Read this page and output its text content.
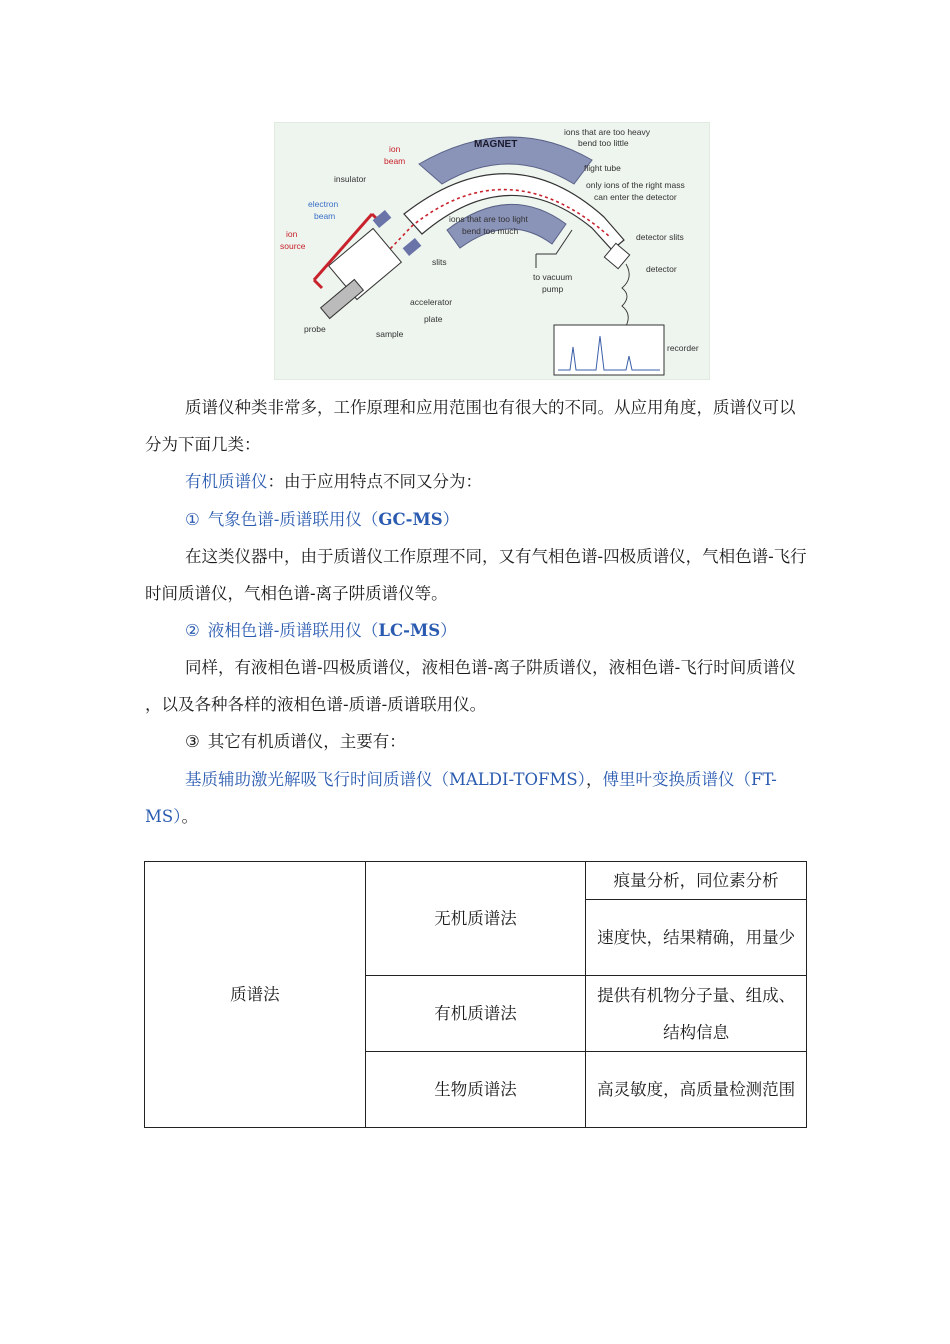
MAGNET
ions that are too heavy
bend too little
flight tube
only ions of the right mass
can enter the detector
detector slits
detector
ions that are too light
bend too much
to vacuum
pump
recorder
ion
beam
insulator
electron
beam
ion
source
slits
accelerator
plate
probe	sample

质谱仪种类非常多，工作原理和应用范围也有很大的不同。从应用角度，质谱仪可以分为下面几类：

有机质谱仪：由于应用特点不同又分为：

① 气象色谱-质谱联用仪（GC-MS）

在这类仪器中，由于质谱仪工作原理不同，又有气相色谱-四极质谱仪，气相色谱-飞行时间质谱仪，气相色谱-离子阱质谱仪等。

② 液相色谱-质谱联用仪（LC-MS）

同样，有液相色谱-四极质谱仪，液相色谱-离子阱质谱仪，液相色谱-飞行时间质谱仪 ，以及各种各样的液相色谱-质谱-质谱联用仪。

③ 其它有机质谱仪，主要有：

基质辅助激光解吸飞行时间质谱仪（MALDI-TOFMS），傅里叶变换质谱仪（FT-MS）。

质谱法	无机质谱法	痕量分析，同位素分析
		速度快，结果精确，用量少
	有机质谱法	提供有机物分子量、组成、结构信息
	生物质谱法	高灵敏度，高质量检测范围
